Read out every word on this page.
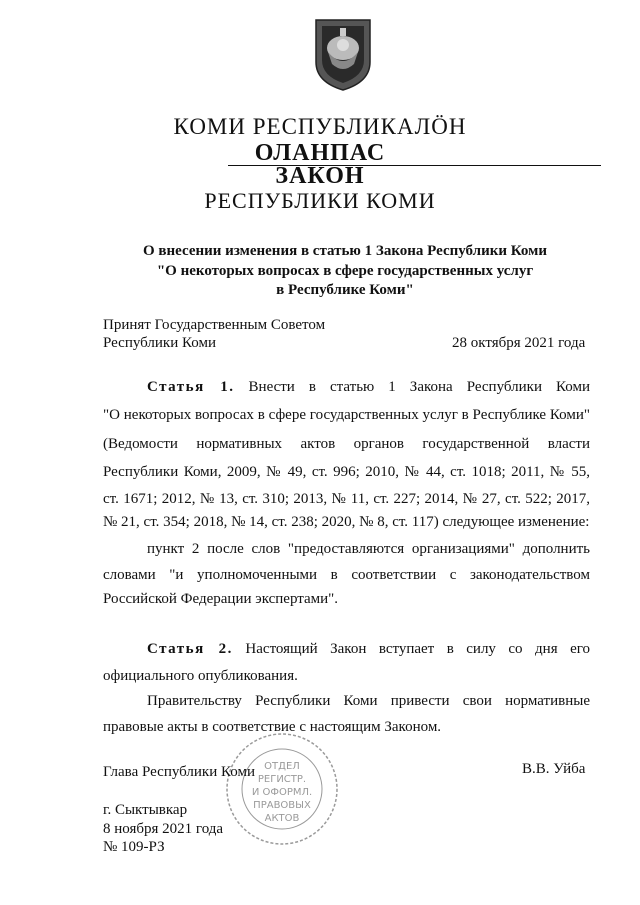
КОМИ РЕСПУБЛИКАЛӦН
ОЛАНПАС
ЗАКОН
РЕСПУБЛИКИ КОМИ
О внесении изменения в статью 1 Закона Республики Коми
"О некоторых вопросах в сфере государственных услуг
в Республике Коми"
Принят Государственным Советом
Республики Коми	28 октября 2021 года
Статья 1. Внести в статью 1 Закона Республики Коми
"О некоторых вопросах в сфере государственных услуг в Республике Коми"
(Ведомости нормативных актов органов государственной власти
Республики Коми, 2009, № 49, ст. 996; 2010, № 44, ст. 1018; 2011, № 55,
ст. 1671; 2012, № 13, ст. 310; 2013, № 11, ст. 227; 2014, № 27, ст. 522; 2017,
№ 21, ст. 354; 2018, № 14, ст. 238; 2020, № 8, ст. 117) следующее изменение:
пункт 2 после слов "предоставляются организациями" дополнить
словами "и уполномоченными в соответствии с законодательством
Российской Федерации экспертами".
Статья 2. Настоящий Закон вступает в силу со дня его
официального опубликования.
Правительству Республики Коми привести свои нормативные
правовые акты в соответствие с настоящим Законом.
ОТДЕЛ
РЕГИСТР.
И ОФОРМЛ.
ПРАВОВЫХ
АКТОВ
Глава Республики Коми	В.В. Уйба
г. Сыктывкар
8 ноября 2021 года
№ 109-РЗ
